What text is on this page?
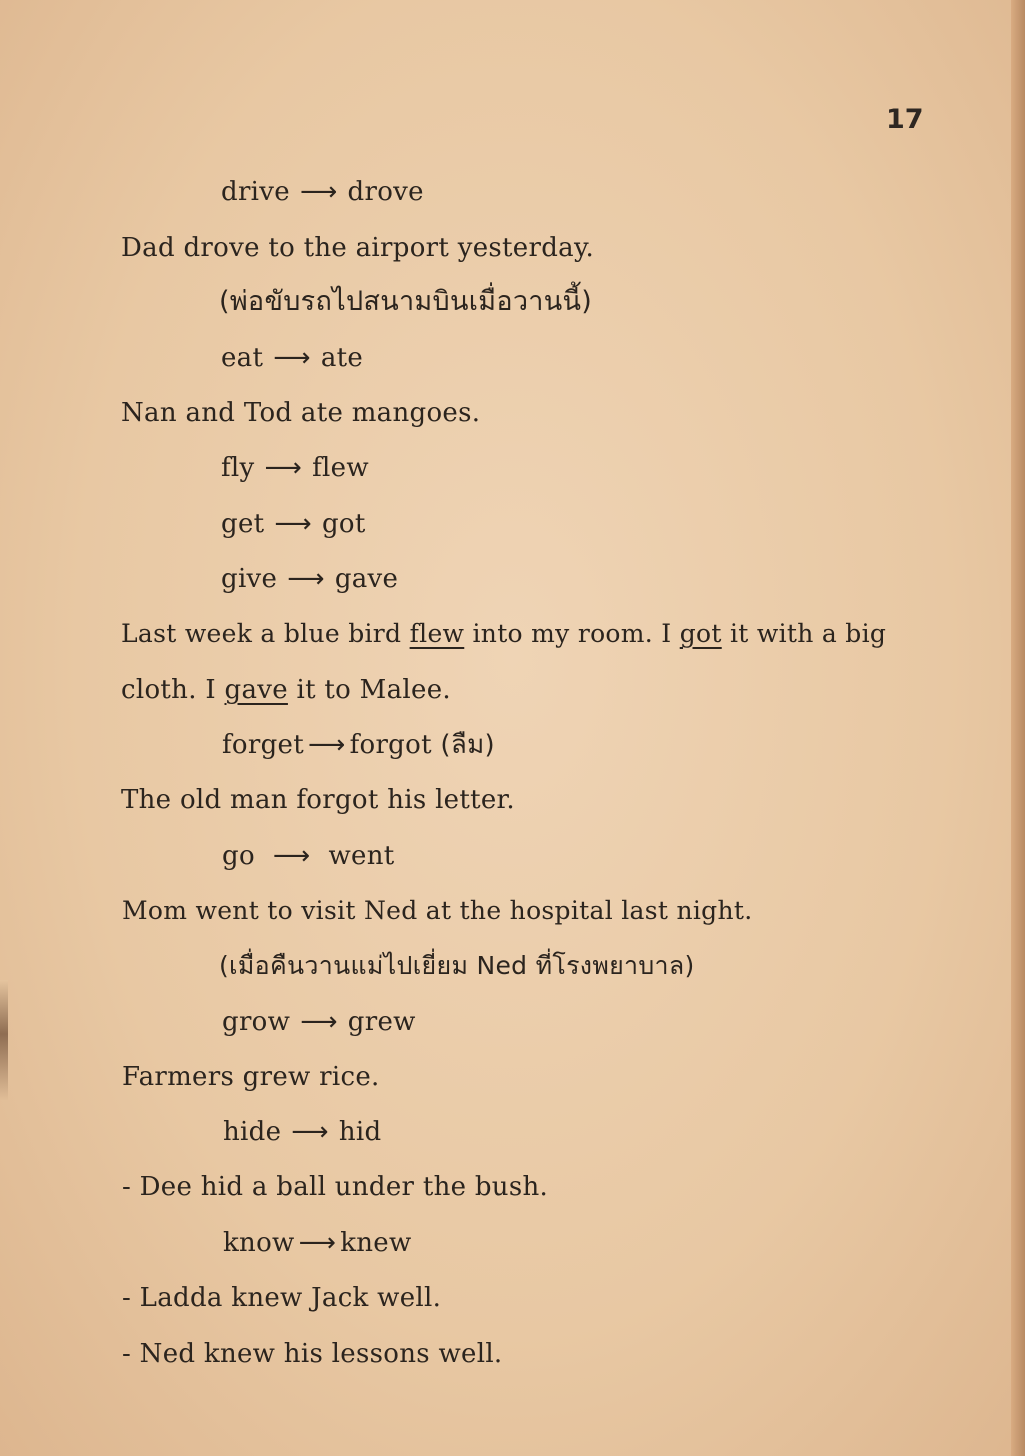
17
drive ⟶ drove
Dad drove to the airport yesterday.
(พ่อขับรถไปสนามบินเมื่อวานนี้)
eat ⟶ ate
Nan and Tod ate mangoes.
fly ⟶ flew
get ⟶ got
give ⟶ gave
Last week a blue bird flew into my room. I got it with a big
cloth. I gave it to Malee.
forget ⟶ forgot (ลืม)
The old man forgot his letter.
go ⟶ went
Mom went to visit Ned at the hospital last night.
(เมื่อคืนวานแม่ไปเยี่ยม Ned ที่โรงพยาบาล)
grow ⟶ grew
Farmers grew rice.
hide ⟶ hid
- Dee hid a ball under the bush.
know ⟶ knew
- Ladda knew Jack well.
- Ned knew his lessons well.
